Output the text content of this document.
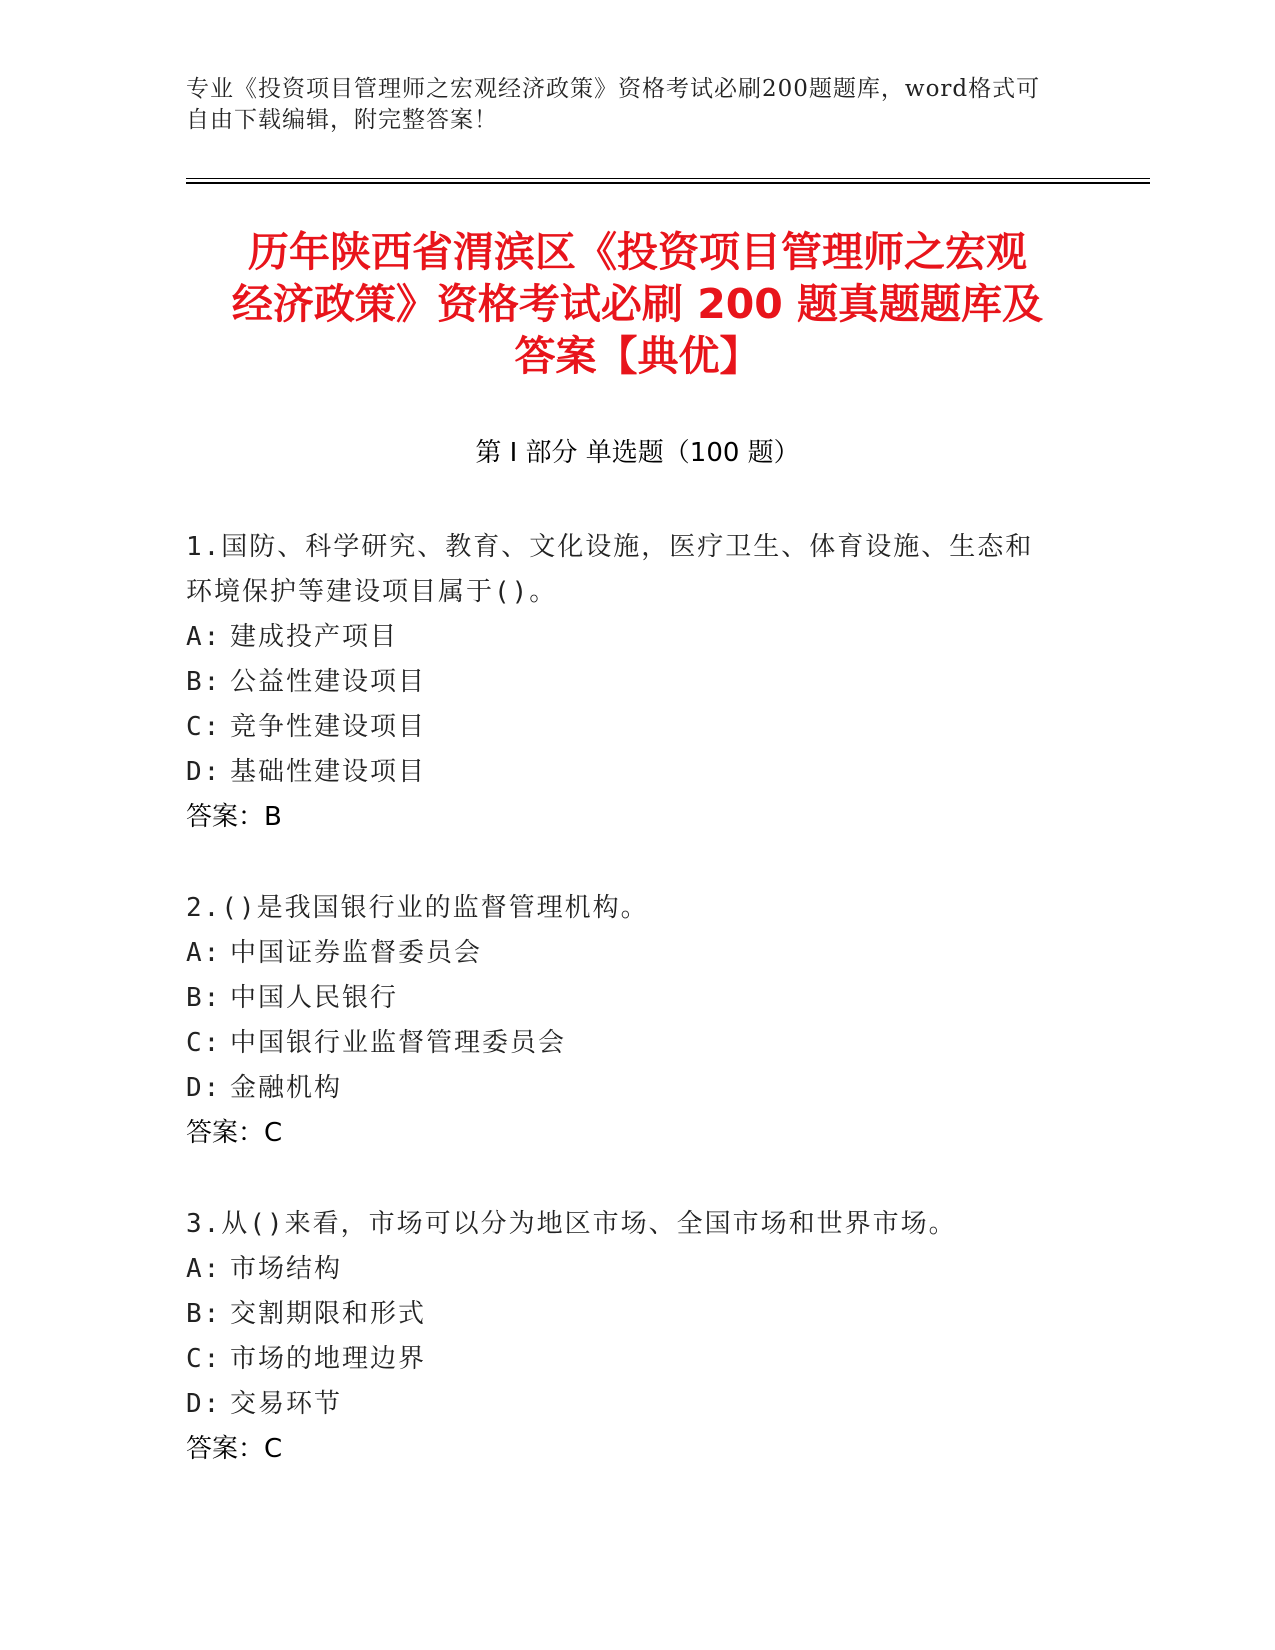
专业《投资项目管理师之宏观经济政策》资格考试必刷200题题库，word格式可
自由下载编辑，附完整答案！
历年陕西省渭滨区《投资项目管理师之宏观
经济政策》资格考试必刷 200 题真题题库及
答案【典优】
第 I 部分 单选题（100 题）
1.国防、科学研究、教育、文化设施，医疗卫生、体育设施、生态和
环境保护等建设项目属于()。
A: 建成投产项目
B: 公益性建设项目
C: 竞争性建设项目
D: 基础性建设项目
答案：B
2.()是我国银行业的监督管理机构。
A: 中国证券监督委员会
B: 中国人民银行
C: 中国银行业监督管理委员会
D: 金融机构
答案：C
3.从()来看，市场可以分为地区市场、全国市场和世界市场。
A: 市场结构
B: 交割期限和形式
C: 市场的地理边界
D: 交易环节
答案：C
